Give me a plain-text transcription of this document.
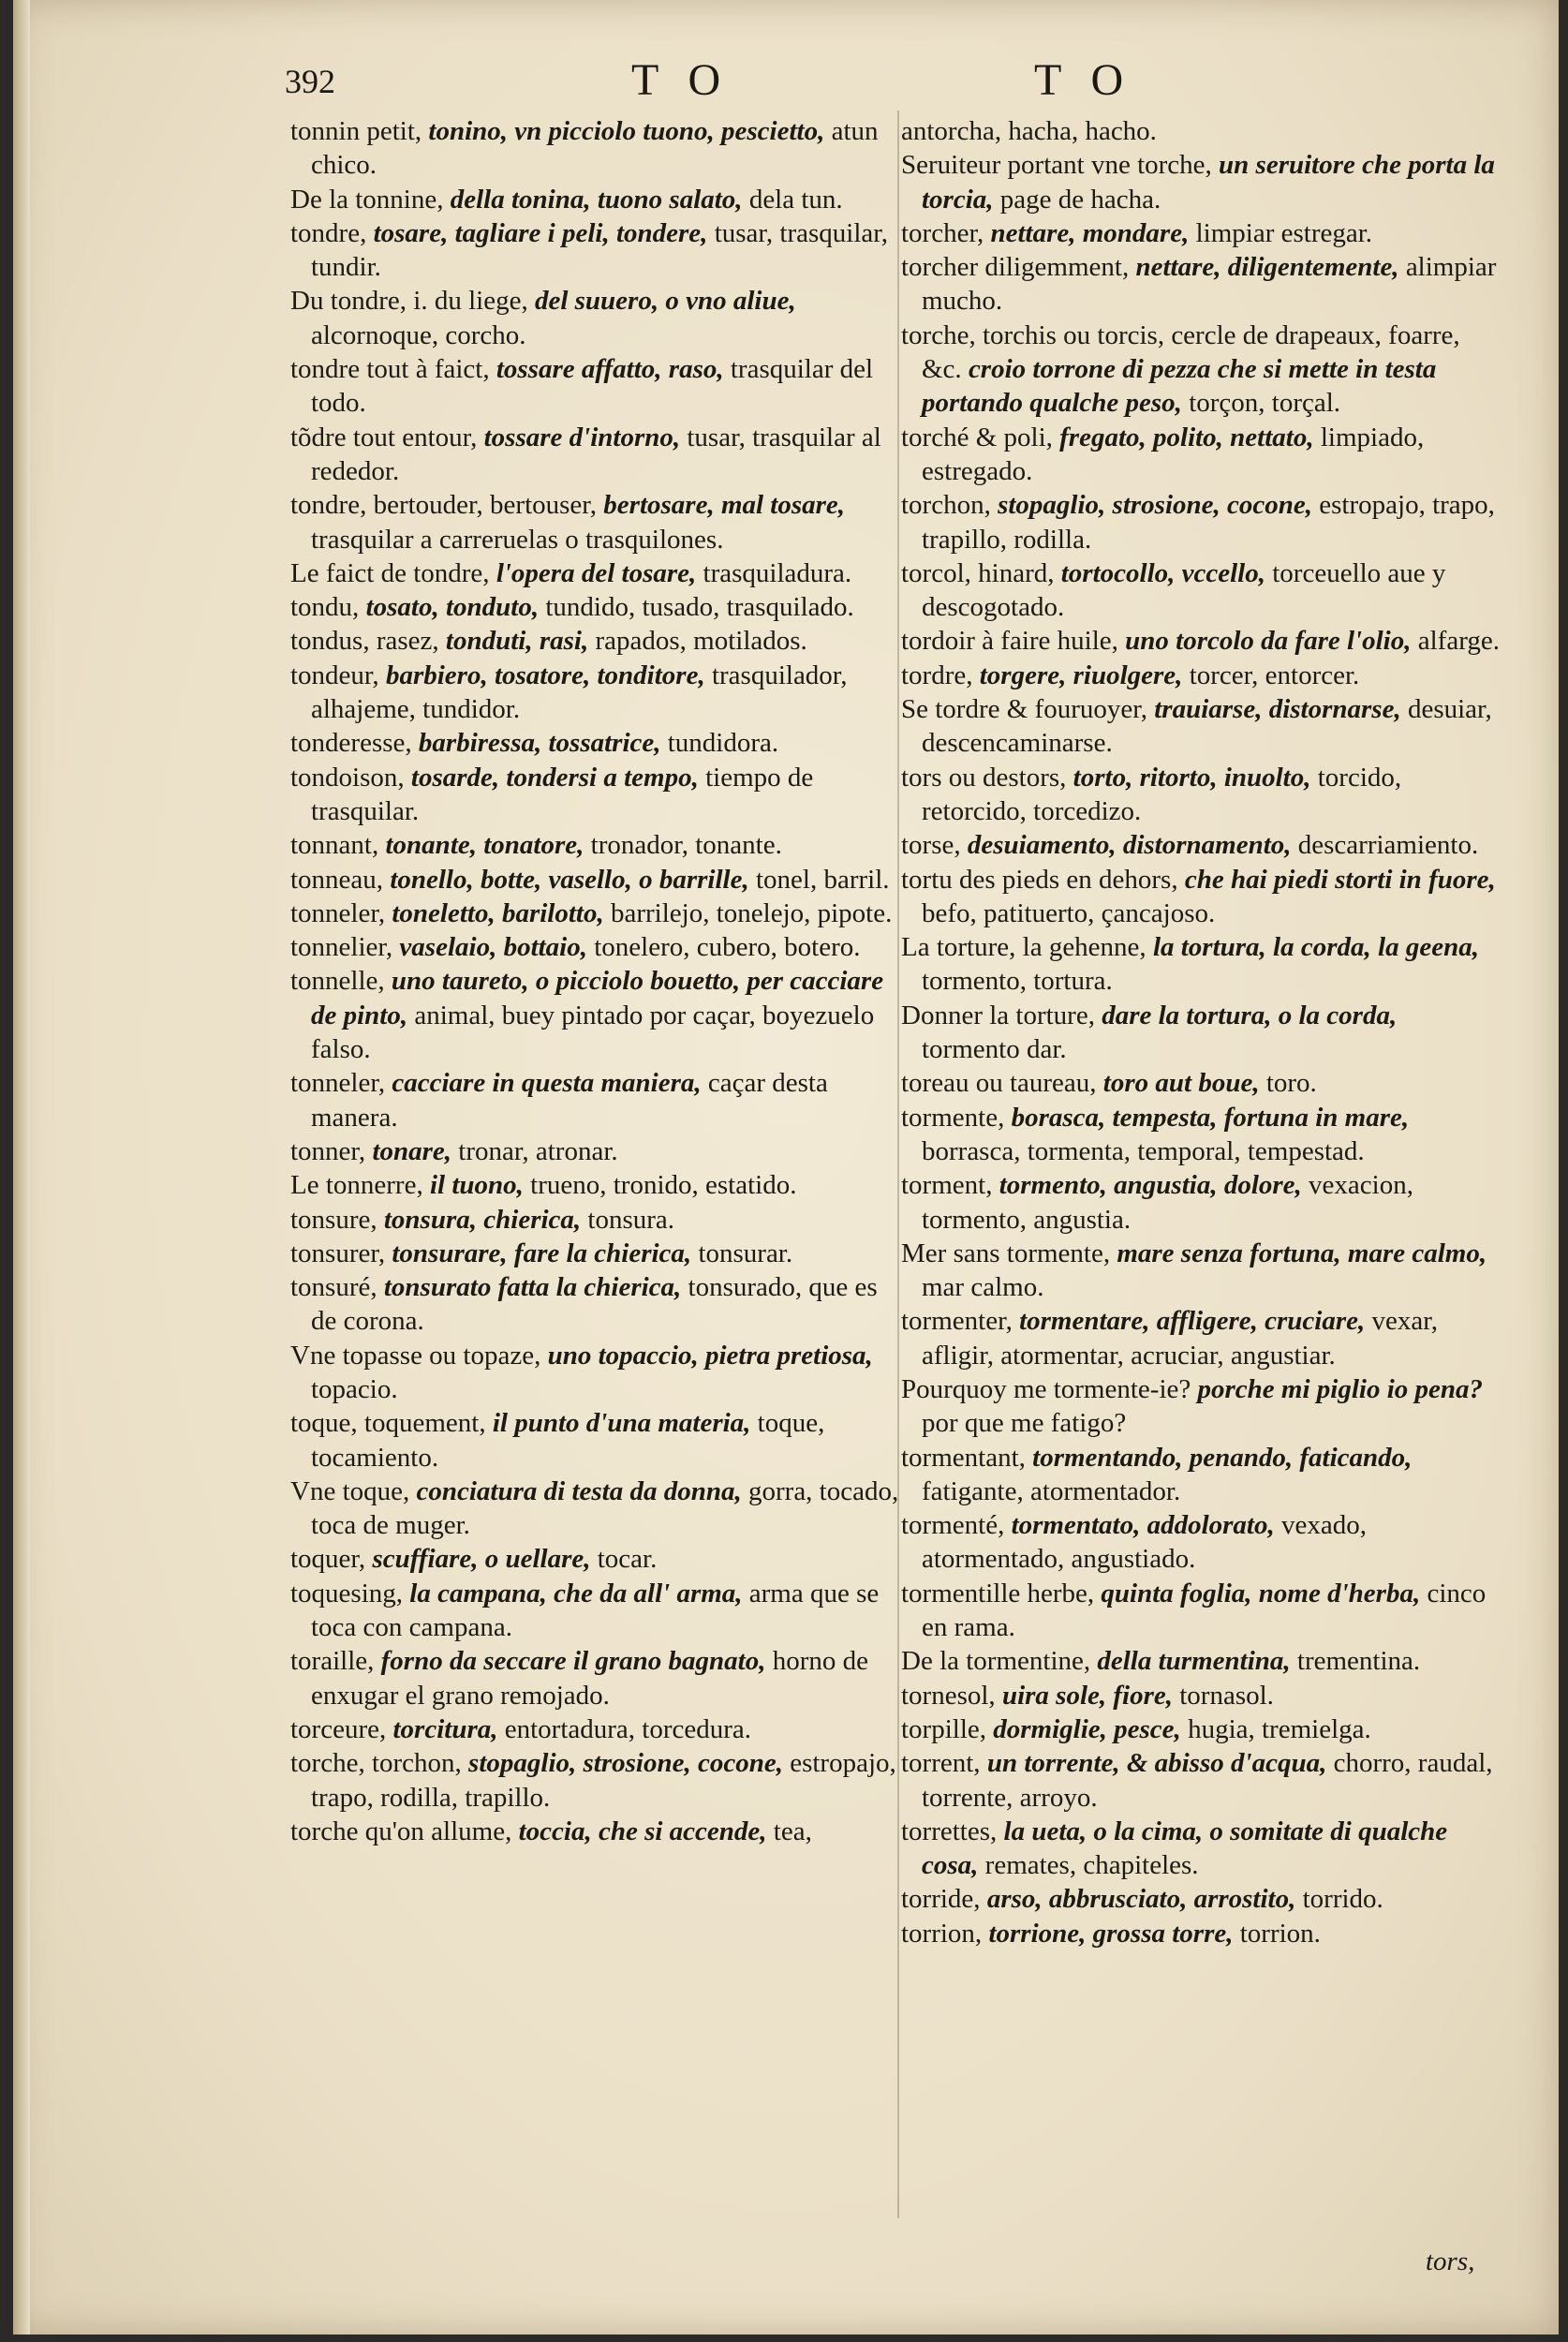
392	T O	T O
tonnin petit, tonino, vn picciolo tuono, pescietto, atun chico.
De la tonnine, della tonina, tuono salato, dela tun.
tondre, tosare, tagliare i peli, tondere, tusar, trasquilar, tundir.
Du tondre, i. du liege, del suuero, o vno aliue, alcornoque, corcho.
tondre tout à faict, tossare affatto, raso, trasquilar del todo.
tõdre tout entour, tossare d'intorno, tusar, trasquilar al rededor.
tondre, bertouder, bertouser, bertosare, mal tosare, trasquilar a carreruelas o trasquilones.
Le faict de tondre, l'opera del tosare, trasquiladura.
tondu, tosato, tonduto, tundido, tusado, trasquilado.
tondus, rasez, tonduti, rasi, rapados, motilados.
tondeur, barbiero, tosatore, tonditore, trasquilador, alhajeme, tundidor.
tonderesse, barbiressa, tossatrice, tundidora.
tondoison, tosarde, tondersi a tempo, tiempo de trasquilar.
tonnant, tonante, tonatore, tronador, tonante.
tonneau, tonello, botte, vasello, o barrille, tonel, barril.
tonneler, toneletto, barilotto, barrilejo, tonelejo, pipote.
tonnelier, vaselaio, bottaio, tonelero, cubero, botero.
tonnelle, uno taureto, o picciolo bouetto, per cacciare de pinto, animal, buey pintado por caçar, boyezuelo falso.
tonneler, cacciare in questa maniera, caçar desta manera.
tonner, tonare, tronar, atronar.
Le tonnerre, il tuono, trueno, tronido, estatido.
tonsure, tonsura, chierica, tonsura.
tonsurer, tonsurare, fare la chierica, tonsurar.
tonsuré, tonsurato fatta la chierica, tonsurado, que es de corona.
Vne topasse ou topaze, uno topaccio, pietra pretiosa, topacio.
toque, toquement, il punto d'una materia, toque, tocamiento.
Vne toque, conciatura di testa da donna, gorra, tocado, toca de muger.
toquer, scuffiare, o uellare, tocar.
toquesing, la campana, che da all' arma, arma que se toca con campana.
toraille, forno da seccare il grano bagnato, horno de enxugar el grano remojado.
torceure, torcitura, entortadura, torcedura.
torche, torchon, stopaglio, strosione, cocone, estropajo, trapo, rodilla, trapillo.
torche qu'on allume, toccia, che si accende, tea,
antorcha, hacha, hacho.
Seruiteur portant vne torche, un seruitore che porta la torcia, page de hacha.
torcher, nettare, mondare, limpiar estregar.
torcher diligemment, nettare, diligentemente, alimpiar mucho.
torche, torchis ou torcis, cercle de drapeaux, foarre, &c. croio torrone di pezza che si mette in testa portando qualche peso, torçon, torçal.
torché & poli, fregato, polito, nettato, limpiado, estregado.
torchon, stopaglio, strosione, cocone, estropajo, trapo, trapillo, rodilla.
torcol, hinard, tortocollo, vccello, torceuello aue y descogotado.
tordoir à faire huile, uno torcolo da fare l'olio, alfarge.
tordre, torgere, riuolgere, torcer, entorcer.
Se tordre & fouruoyer, trauiarse, distornarse, desuiar, descencaminarse.
tors ou destors, torto, ritorto, inuolto, torcido, retorcido, torcedizo.
torse, desuiamento, distornamento, descarriamiento.
tortu des pieds en dehors, che hai piedi storti in fuore, befo, patituerto, çancajoso.
La torture, la gehenne, la tortura, la corda, la geena, tormento, tortura.
Donner la torture, dare la tortura, o la corda, tormento dar.
toreau ou taureau, toro aut boue, toro.
tormente, borasca, tempesta, fortuna in mare, borrasca, tormenta, temporal, tempestad.
torment, tormento, angustia, dolore, vexacion, tormento, angustia.
Mer sans tormente, mare senza fortuna, mare calmo, mar calmo.
tormenter, tormentare, affligere, cruciare, vexar, afligir, atormentar, acruciar, angustiar.
Pourquoy me tormente-ie? porche mi piglio io pena? por que me fatigo?
tormentant, tormentando, penando, faticando, fatigante, atormentador.
tormenté, tormentato, addolorato, vexado, atormentado, angustiado.
tormentille herbe, quinta foglia, nome d'herba, cinco en rama.
De la tormentine, della turmentina, trementina.
tornesol, uira sole, fiore, tornasol.
torpille, dormiglie, pesce, hugia, tremielga.
torrent, un torrente, & abisso d'acqua, chorro, raudal, torrente, arroyo.
torrettes, la ueta, o la cima, o somitate di qualche cosa, remates, chapiteles.
torride, arso, abbrusciato, arrostito, torrido.
torrion, torrione, grossa torre, torrion.
tors,
